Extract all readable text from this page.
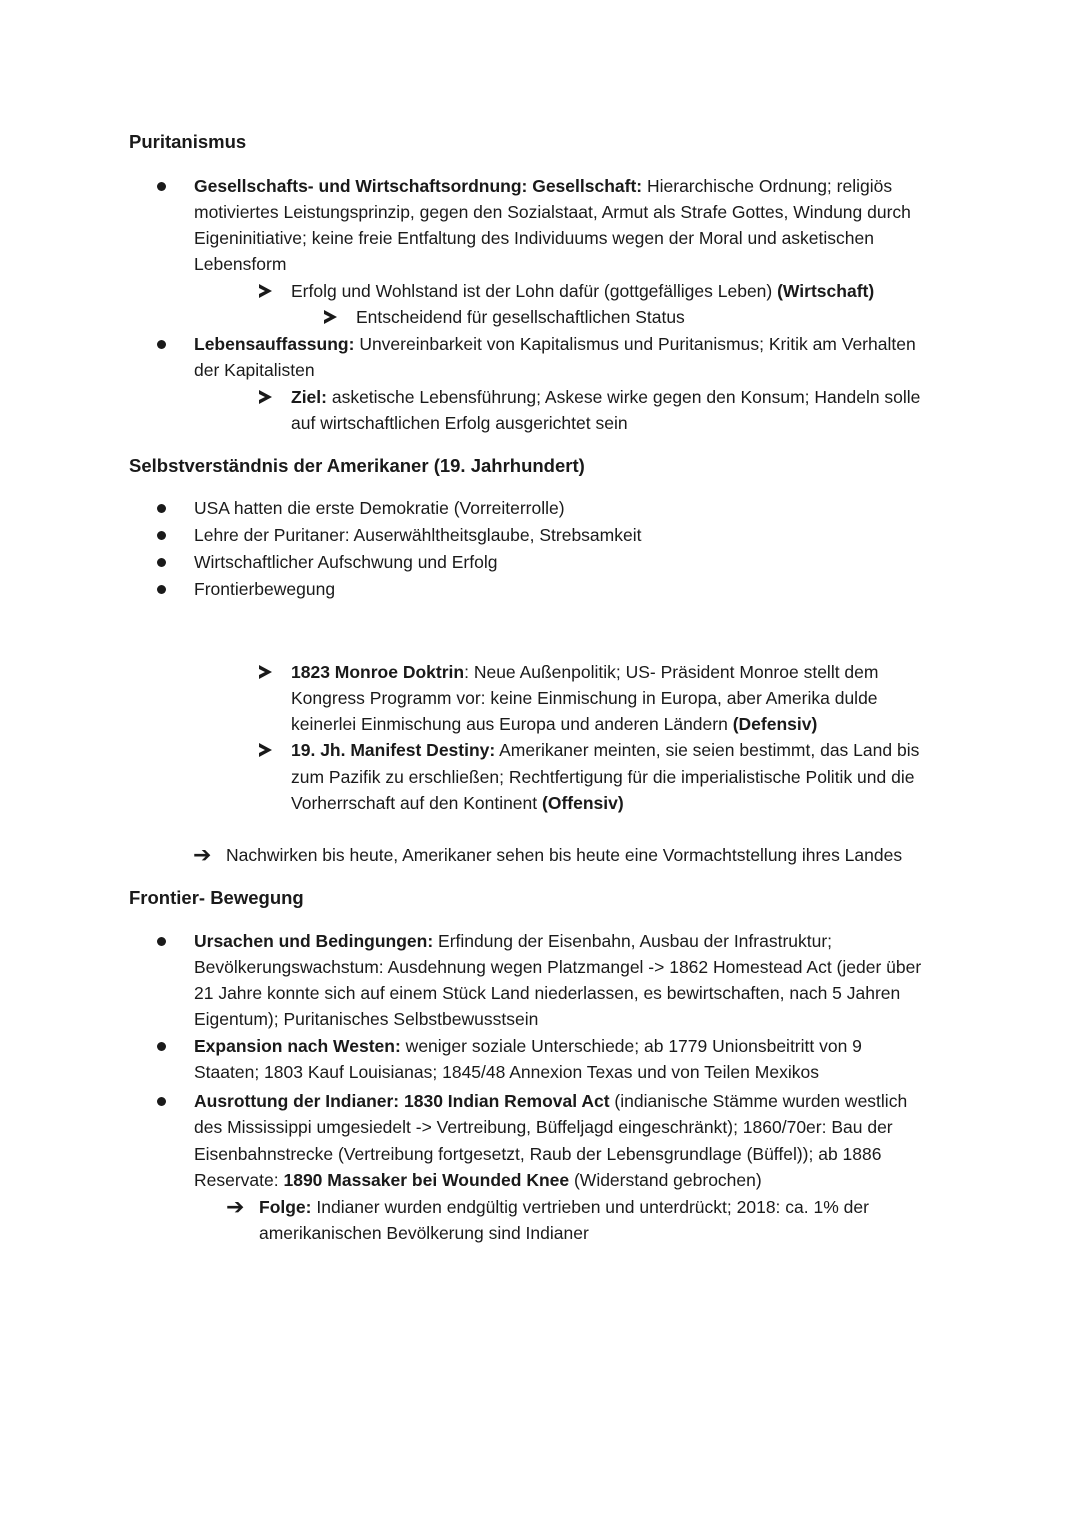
Puritanismus
Gesellschafts- und Wirtschaftsordnung: Gesellschaft: Hierarchische Ordnung; religiös
motiviertes Leistungsprinzip, gegen den Sozialstaat, Armut als Strafe Gottes, Windung durch
Eigeninitiative; keine freie Entfaltung des Individuums wegen der Moral und asketischen
Lebensform
Erfolg und Wohlstand ist der Lohn dafür (gottgefälliges Leben) (Wirtschaft)
Entscheidend für gesellschaftlichen Status
Lebensauffassung: Unvereinbarkeit von Kapitalismus und Puritanismus; Kritik am Verhalten
der Kapitalisten
Ziel: asketische Lebensführung; Askese wirke gegen den Konsum; Handeln solle
auf wirtschaftlichen Erfolg ausgerichtet sein
Selbstverständnis der Amerikaner (19. Jahrhundert)
USA hatten die erste Demokratie (Vorreiterrolle)
Lehre der Puritaner: Auserwähltheitsglaube, Strebsamkeit
Wirtschaftlicher Aufschwung und Erfolg
Frontierbewegung
1823 Monroe Doktrin: Neue Außenpolitik; US- Präsident Monroe stellt dem
Kongress Programm vor: keine Einmischung in Europa, aber Amerika dulde
keinerlei Einmischung aus Europa und anderen Ländern (Defensiv)
19. Jh. Manifest Destiny: Amerikaner meinten, sie seien bestimmt, das Land bis
zum Pazifik zu erschließen; Rechtfertigung für die imperialistische Politik und die
Vorherrschaft auf den Kontinent (Offensiv)
➔ Nachwirken bis heute, Amerikaner sehen bis heute eine Vormachtstellung ihres Landes
Frontier- Bewegung
Ursachen und Bedingungen: Erfindung der Eisenbahn, Ausbau der Infrastruktur;
Bevölkerungswachstum: Ausdehnung wegen Platzmangel -> 1862 Homestead Act (jeder über
21 Jahre konnte sich auf einem Stück Land niederlassen, es bewirtschaften, nach 5 Jahren
Eigentum); Puritanisches Selbstbewusstsein
Expansion nach Westen: weniger soziale Unterschiede; ab 1779 Unionsbeitritt von 9
Staaten; 1803 Kauf Louisianas; 1845/48 Annexion Texas und von Teilen Mexikos
Ausrottung der Indianer: 1830 Indian Removal Act (indianische Stämme wurden westlich
des Mississippi umgesiedelt -> Vertreibung, Büffeljagd eingeschränkt); 1860/70er: Bau der
Eisenbahnstrecke (Vertreibung fortgesetzt, Raub der Lebensgrundlage (Büffel)); ab 1886
Reservate: 1890 Massaker bei Wounded Knee (Widerstand gebrochen)
➔ Folge: Indianer wurden endgültig vertrieben und unterdrückt; 2018: ca. 1% der
amerikanischen Bevölkerung sind Indianer
